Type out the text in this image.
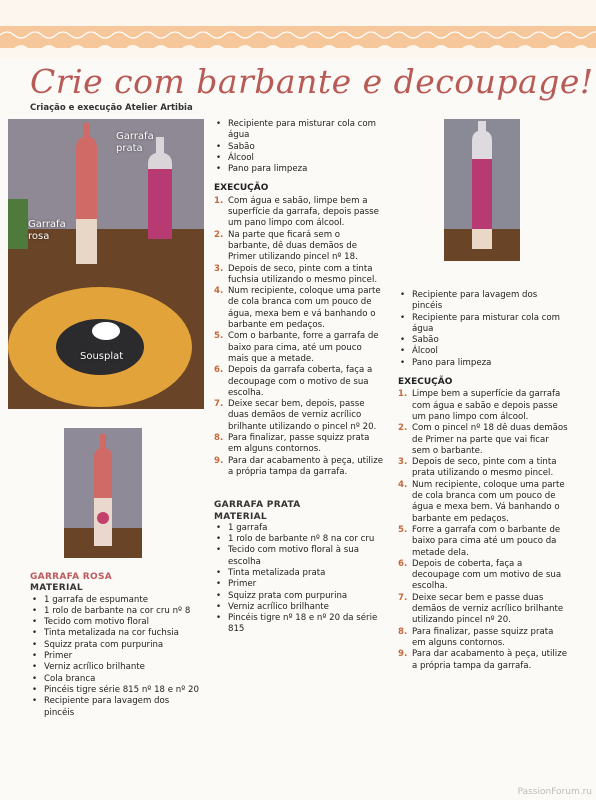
Crie com barbante e decoupage!
Criação e execução Atelier Artibia
Garrafa prata
Garrafa rosa
Sousplat
GARRAFA ROSA
MATERIAL
• 1 garrafa de espumante
• 1 rolo de barbante na cor cru nº 8
• Tecido com motivo floral
• Tinta metalizada na cor fuchsia
• Squizz prata com purpurina
• Primer
• Verniz acrílico brilhante
• Cola branca
• Pincéis tigre série 815 nº 18 e nº 20
• Recipiente para lavagem dos pincéis
• Recipiente para misturar cola com água
• Sabão
• Álcool
• Pano para limpeza
EXECUÇÃO
1. Com água e sabão, limpe bem a superfície da garrafa, depois passe um pano limpo com álcool.
2. Na parte que ficará sem o barbante, dê duas demãos de Primer utilizando pincel nº 18.
3. Depois de seco, pinte com a tinta fuchsia utilizando o mesmo pincel.
4. Num recipiente, coloque uma parte de cola branca com um pouco de água, mexa bem e vá banhando o barbante em pedaços.
5. Com o barbante, forre a garrafa de baixo para cima, até um pouco mais que a metade.
6. Depois da garrafa coberta, faça a decoupage com o motivo de sua escolha.
7. Deixe secar bem, depois, passe duas demãos de verniz acrílico brilhante utilizando o pincel nº 20.
8. Para finalizar, passe squizz prata em alguns contornos.
9. Para dar acabamento à peça, utilize a própria tampa da garrafa.
GARRAFA PRATA
MATERIAL
• 1 garrafa
• 1 rolo de barbante nº 8 na cor cru
• Tecido com motivo floral à sua escolha
• Tinta metalizada prata
• Primer
• Squizz prata com purpurina
• Verniz acrílico brilhante
• Pincéis tigre nº 18 e nº 20 da série 815
• Recipiente para lavagem dos pincéis
• Recipiente para misturar cola com água
• Sabão
• Álcool
• Pano para limpeza
EXECUÇÃO
1. Limpe bem a superfície da garrafa com água e sabão e depois passe um pano limpo com álcool.
2. Com o pincel nº 18 dê duas demãos de Primer na parte que vai ficar sem o barbante.
3. Depois de seco, pinte com a tinta prata utilizando o mesmo pincel.
4. Num recipiente, coloque uma parte de cola branca com um pouco de água e mexa bem. Vá banhando o barbante em pedaços.
5. Forre a garrafa com o barbante de baixo para cima até um pouco da metade dela.
6. Depois de coberta, faça a decoupage com um motivo de sua escolha.
7. Deixe secar bem e passe duas demãos de verniz acrílico brilhante utilizando pincel nº 20.
8. Para finalizar, passe squizz prata em alguns contornos.
9. Para dar acabamento à peça, utilize a própria tampa da garrafa.
PassionForum.ru
